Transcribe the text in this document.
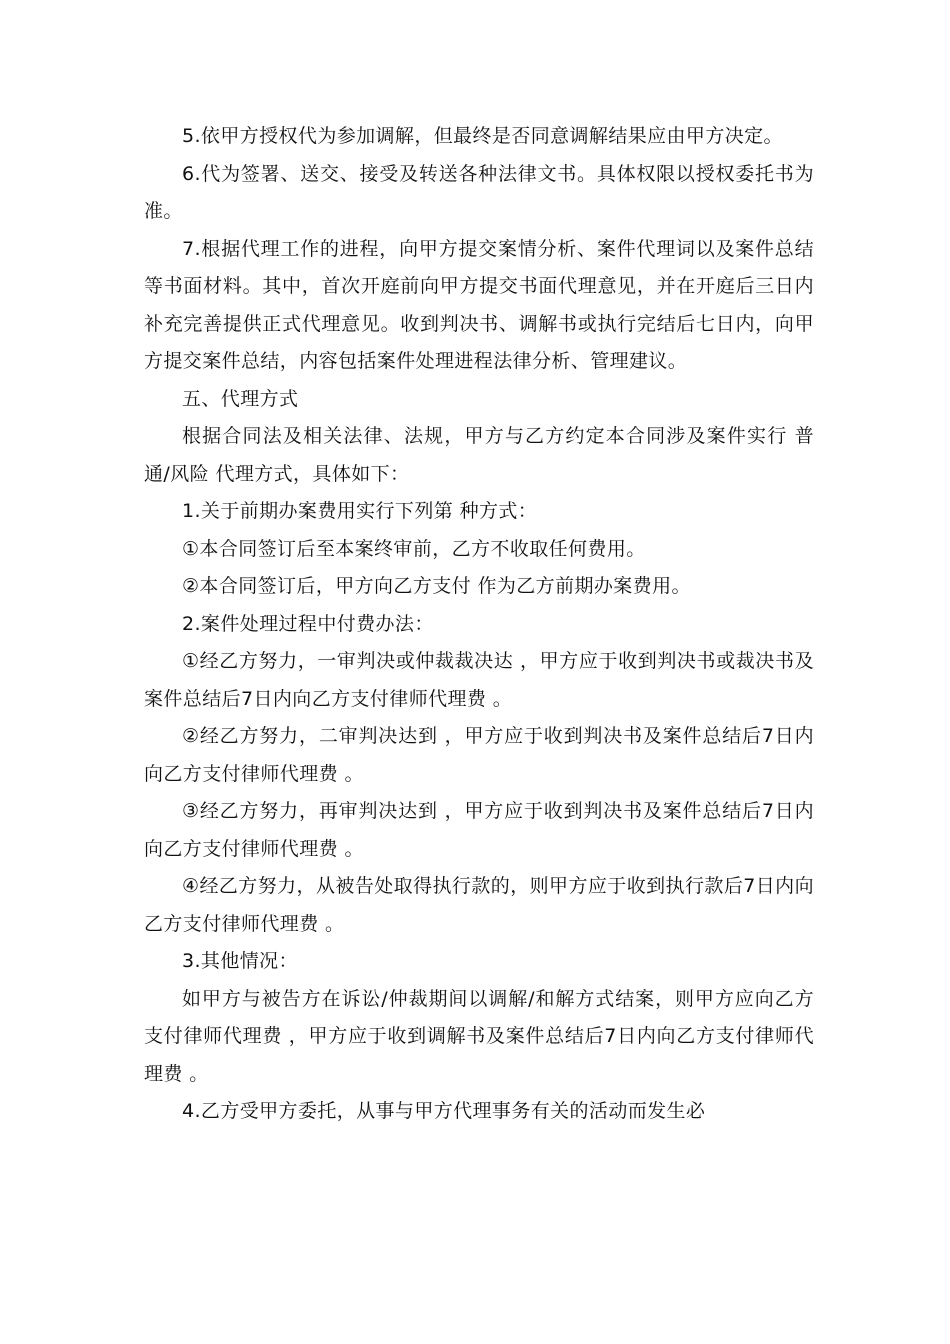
5.依甲方授权代为参加调解，但最终是否同意调解结果应由甲方决定。

6.代为签署、送交、接受及转送各种法律文书。具体权限以授权委托书为准。

7.根据代理工作的进程，向甲方提交案情分析、案件代理词以及案件总结等书面材料。其中，首次开庭前向甲方提交书面代理意见，并在开庭后三日内补充完善提供正式代理意见。收到判决书、调解书或执行完结后七日内，向甲方提交案件总结，内容包括案件处理进程法律分析、管理建议。

五、代理方式

根据合同法及相关法律、法规，甲方与乙方约定本合同涉及案件实行 普通/风险 代理方式，具体如下：

1.关于前期办案费用实行下列第 种方式：

①本合同签订后至本案终审前，乙方不收取任何费用。

②本合同签订后，甲方向乙方支付 作为乙方前期办案费用。

2.案件处理过程中付费办法：

①经乙方努力，一审判决或仲裁裁决达 ，甲方应于收到判决书或裁决书及案件总结后7日内向乙方支付律师代理费 。

②经乙方努力，二审判决达到 ，甲方应于收到判决书及案件总结后7日内向乙方支付律师代理费 。

③经乙方努力，再审判决达到 ，甲方应于收到判决书及案件总结后7日内向乙方支付律师代理费 。

④经乙方努力，从被告处取得执行款的，则甲方应于收到执行款后7日内向乙方支付律师代理费 。

3.其他情况：

如甲方与被告方在诉讼/仲裁期间以调解/和解方式结案，则甲方应向乙方支付律师代理费 ，甲方应于收到调解书及案件总结后7日内向乙方支付律师代理费 。

4.乙方受甲方委托，从事与甲方代理事务有关的活动而发生必
